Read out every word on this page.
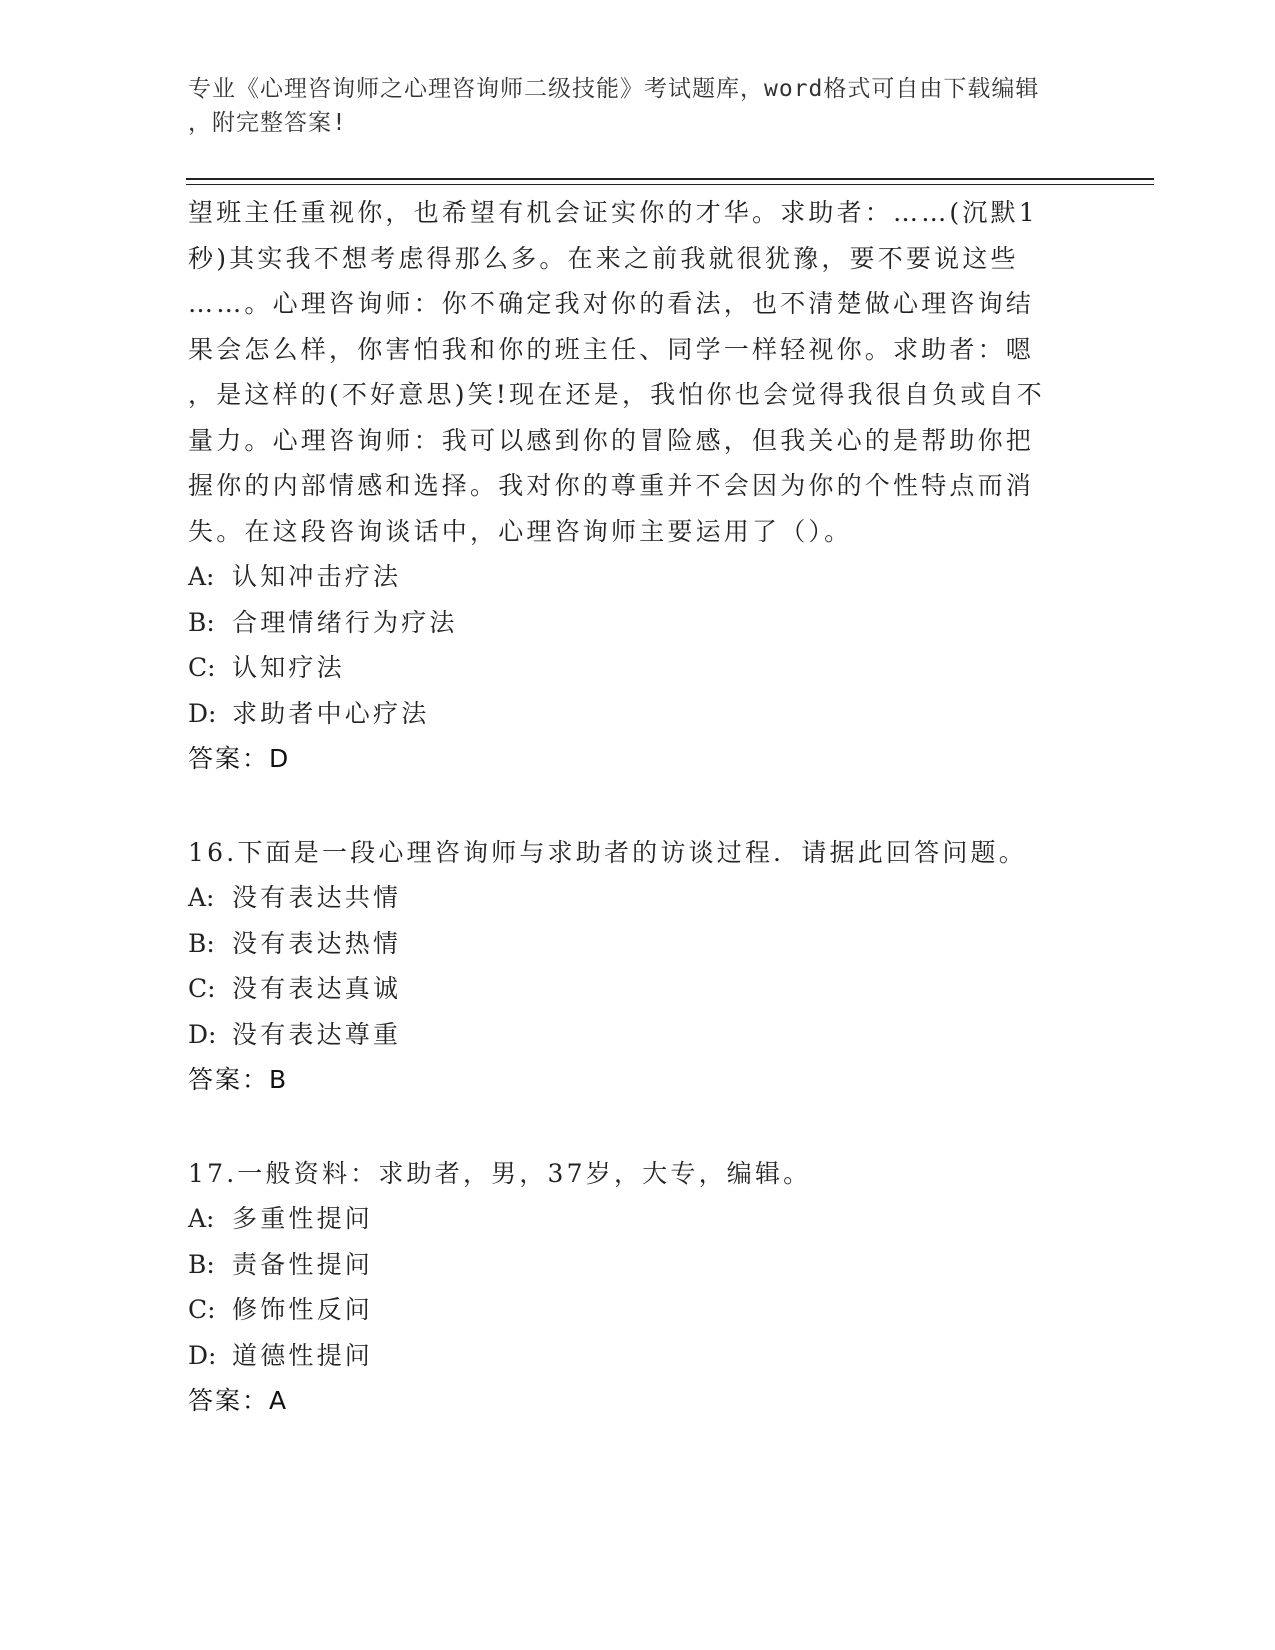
专业《心理咨询师之心理咨询师二级技能》考试题库，word格式可自由下载编辑
，附完整答案!

望班主任重视你，也希望有机会证实你的才华。求助者：……(沉默1

秒)其实我不想考虑得那么多。在来之前我就很犹豫，要不要说这些

……。心理咨询师：你不确定我对你的看法，也不清楚做心理咨询结

果会怎么样，你害怕我和你的班主任、同学一样轻视你。求助者：嗯

，是这样的(不好意思)笑!现在还是，我怕你也会觉得我很自负或自不

量力。心理咨询师：我可以感到你的冒险感，但我关心的是帮助你把

握你的内部情感和选择。我对你的尊重并不会因为你的个性特点而消

失。在这段咨询谈话中，心理咨询师主要运用了（）。

A: 认知冲击疗法
B: 合理情绪行为疗法
C: 认知疗法
D: 求助者中心疗法

答案：D

16.下面是一段心理咨询师与求助者的访谈过程．请据此回答问题。

A: 没有表达共情
B: 没有表达热情
C: 没有表达真诚
D: 没有表达尊重

答案：B

17.一般资料：求助者，男，37岁，大专，编辑。

A: 多重性提问
B: 责备性提问
C: 修饰性反问
D: 道德性提问

答案：A
